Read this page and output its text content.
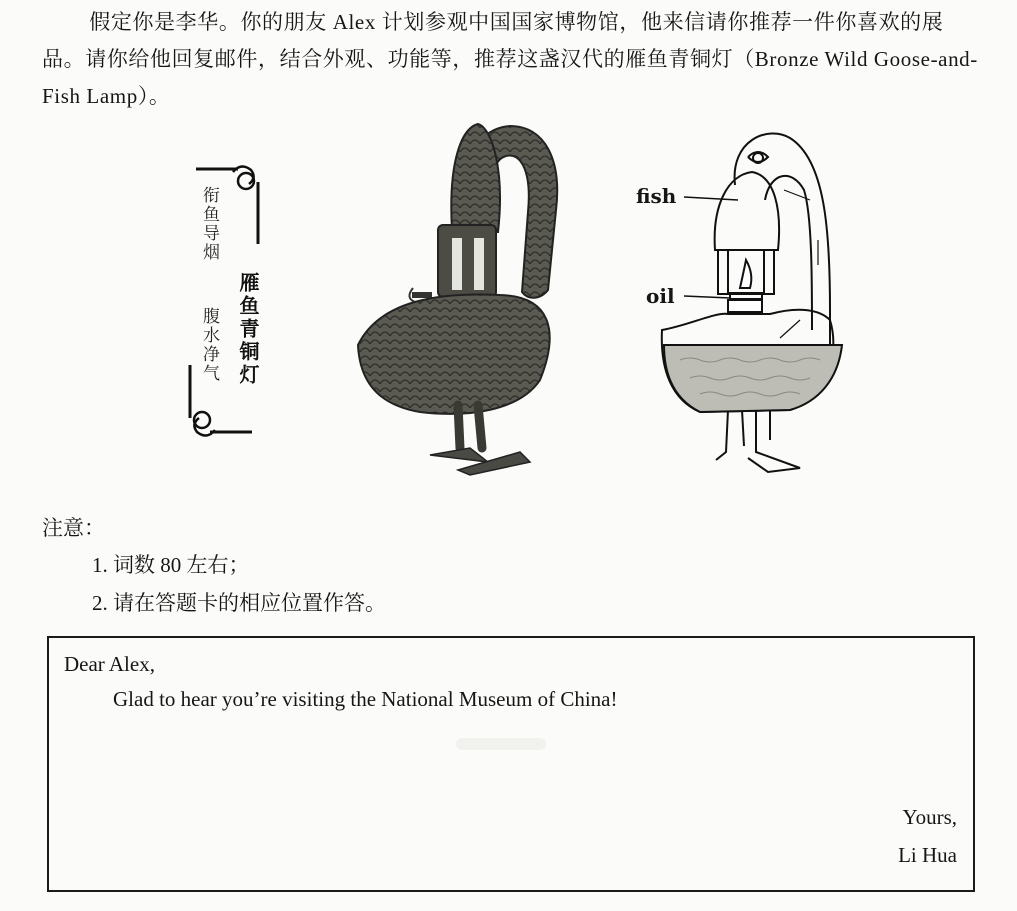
假定你是李华。你的朋友 Alex 计划参观中国国家博物馆，他来信请你推荐一件你喜欢的展品。请你给他回复邮件，结合外观、功能等，推荐这盏汉代的雁鱼青铜灯（Bronze Wild Goose-and-Fish Lamp）。

衔鱼导烟
腹水净气 雁鱼青铜灯
fish
oil
注意：
1. 词数 80 左右；
2. 请在答题卡的相应位置作答。
Dear Alex,
Glad to hear you’re visiting the National Museum of China!
Yours,
Li Hua
